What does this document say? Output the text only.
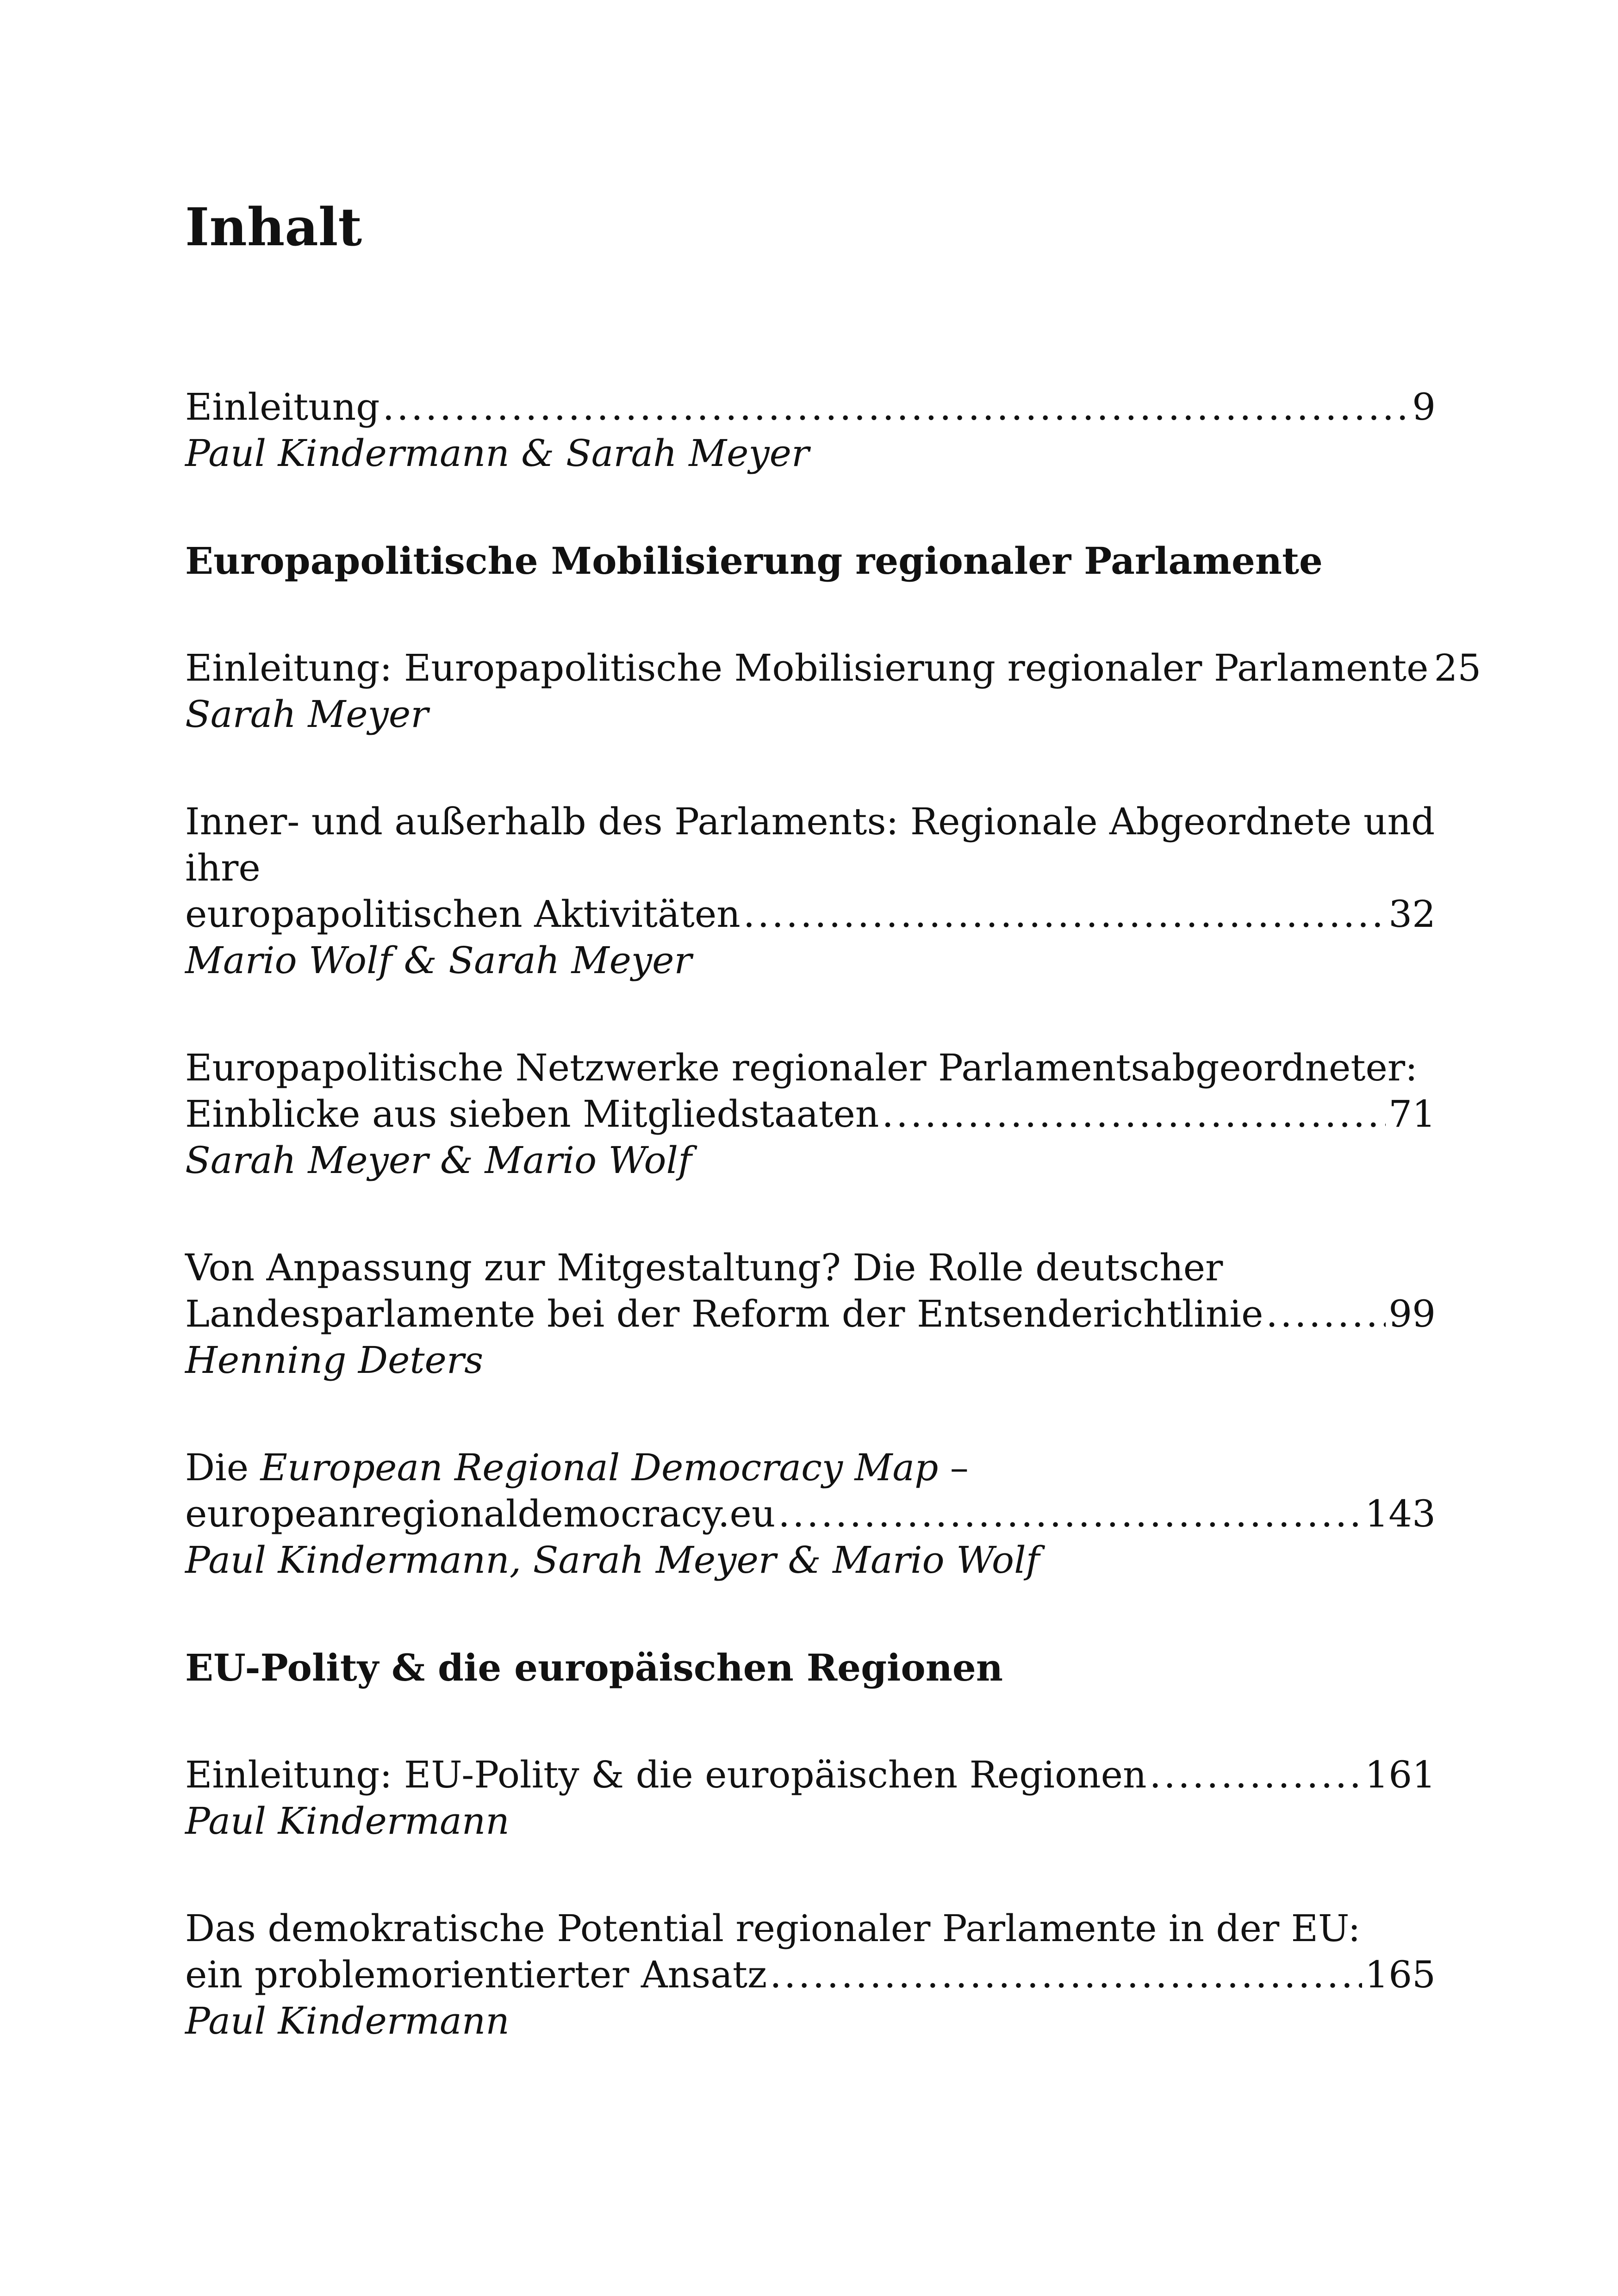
Inhalt
Einleitung . . .	9
Paul Kindermann & Sarah Meyer
Europapolitische Mobilisierung regionaler Parlamente
Einleitung: Europapolitische Mobilisierung regionaler Parlamente 25
Sarah Meyer
Inner- und außerhalb des Parlaments: Regionale Abgeordnete und ihre
europapolitischen Aktivitäten . . .	32
Mario Wolf & Sarah Meyer
Europapolitische Netzwerke regionaler Parlamentsabgeordneter:
Einblicke aus sieben Mitgliedstaaten . . .	71
Sarah Meyer & Mario Wolf
Von Anpassung zur Mitgestaltung? Die Rolle deutscher
Landesparlamente bei der Reform der Entsenderichtlinie . . .	99
Henning Deters
Die European Regional Democracy Map –
europeanregionaldemocracy.eu . . .	143
Paul Kindermann, Sarah Meyer & Mario Wolf
EU-Polity & die europäischen Regionen
Einleitung: EU-Polity & die europäischen Regionen . . .	161
Paul Kindermann
Das demokratische Potential regionaler Parlamente in der EU:
ein problemorientierter Ansatz . . .	165
Paul Kindermann
